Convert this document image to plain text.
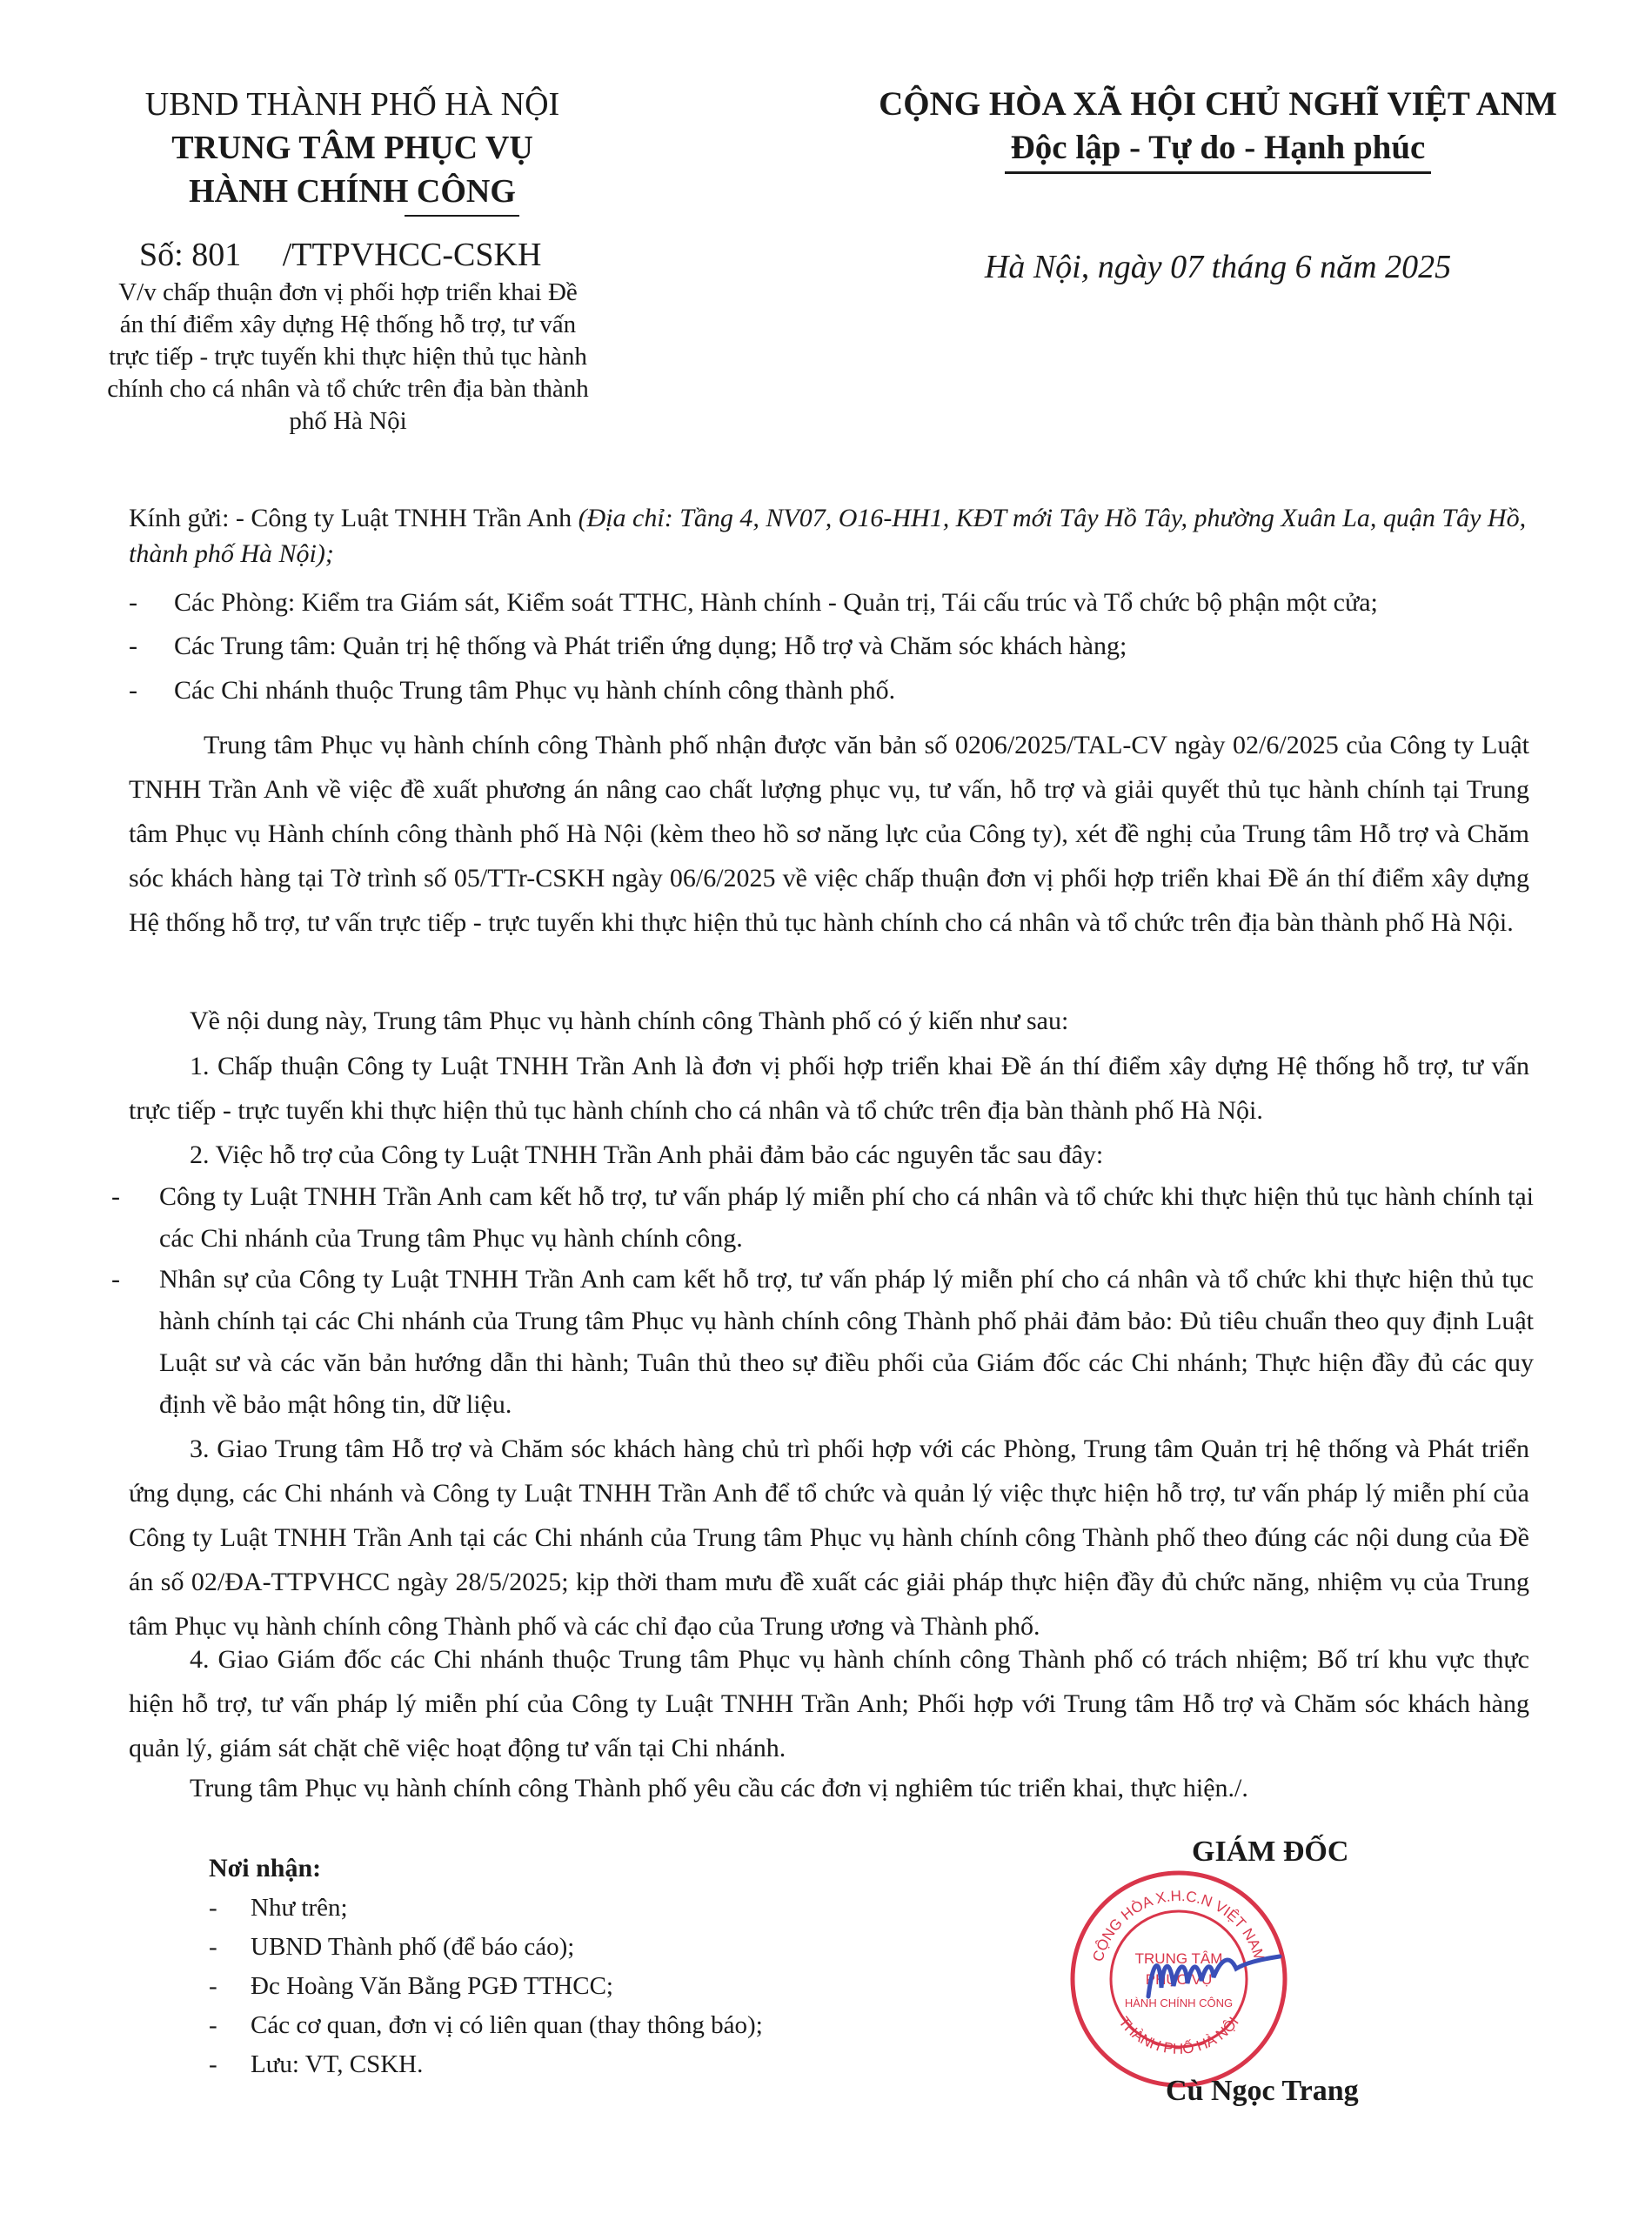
UBND THÀNH PHỐ HÀ NỘI
TRUNG TÂM PHỤC VỤ
HÀNH CHÍNH CÔNG
Số: 801     /TTPVHCC-CSKH
V/v chấp thuận đơn vị phối hợp triển khai Đề án thí điểm xây dựng Hệ thống hỗ trợ, tư vấn trực tiếp - trực tuyến khi thực hiện thủ tục hành chính cho cá nhân và tổ chức trên địa bàn thành phố Hà Nội
CỘNG HÒA XÃ HỘI CHỦ NGHĨ VIỆT ANM
Độc lập - Tự do - Hạnh phúc
Hà Nội, ngày 07 tháng 6 năm 2025
Kính gửi: - Công ty Luật TNHH Trần Anh (Địa chỉ: Tầng 4, NV07, O16-HH1, KĐT mới Tây Hồ Tây, phường Xuân La, quận Tây Hồ, thành phố Hà Nội);
- Các Phòng: Kiểm tra Giám sát, Kiểm soát TTHC, Hành chính - Quản trị, Tái cấu trúc và Tổ chức bộ phận một cửa;
- Các Trung tâm: Quản trị hệ thống và Phát triển ứng dụng; Hỗ trợ và Chăm sóc khách hàng;
- Các Chi nhánh thuộc Trung tâm Phục vụ hành chính công thành phố.
Trung tâm Phục vụ hành chính công Thành phố nhận được văn bản số 0206/2025/TAL-CV ngày 02/6/2025 của Công ty Luật TNHH Trần Anh về việc đề xuất phương án nâng cao chất lượng phục vụ, tư vấn, hỗ trợ và giải quyết thủ tục hành chính tại Trung tâm Phục vụ Hành chính công thành phố Hà Nội (kèm theo hồ sơ năng lực của Công ty), xét đề nghị của Trung tâm Hỗ trợ và Chăm sóc khách hàng tại Tờ trình số 05/TTr-CSKH ngày 06/6/2025 về việc chấp thuận đơn vị phối hợp triển khai Đề án thí điểm xây dựng Hệ thống hỗ trợ, tư vấn trực tiếp - trực tuyến khi thực hiện thủ tục hành chính cho cá nhân và tổ chức trên địa bàn thành phố Hà Nội.
Về nội dung này, Trung tâm Phục vụ hành chính công Thành phố có ý kiến như sau:
1. Chấp thuận Công ty Luật TNHH Trần Anh là đơn vị phối hợp triển khai Đề án thí điểm xây dựng Hệ thống hỗ trợ, tư vấn trực tiếp - trực tuyến khi thực hiện thủ tục hành chính cho cá nhân và tổ chức trên địa bàn thành phố Hà Nội.
2. Việc hỗ trợ của Công ty Luật TNHH Trần Anh phải đảm bảo các nguyên tắc sau đây:
- Công ty Luật TNHH Trần Anh cam kết hỗ trợ, tư vấn pháp lý miễn phí cho cá nhân và tổ chức khi thực hiện thủ tục hành chính tại các Chi nhánh của Trung tâm Phục vụ hành chính công.
- Nhân sự của Công ty Luật TNHH Trần Anh cam kết hỗ trợ, tư vấn pháp lý miễn phí cho cá nhân và tổ chức khi thực hiện thủ tục hành chính tại các Chi nhánh của Trung tâm Phục vụ hành chính công Thành phố phải đảm bảo: Đủ tiêu chuẩn theo quy định Luật Luật sư và các văn bản hướng dẫn thi hành; Tuân thủ theo sự điều phối của Giám đốc các Chi nhánh; Thực hiện đầy đủ các quy định về bảo mật hông tin, dữ liệu.
3. Giao Trung tâm Hỗ trợ và Chăm sóc khách hàng chủ trì phối hợp với các Phòng, Trung tâm Quản trị hệ thống và Phát triển ứng dụng, các Chi nhánh và Công ty Luật TNHH Trần Anh để tổ chức và quản lý việc thực hiện hỗ trợ, tư vấn pháp lý miễn phí của Công ty Luật TNHH Trần Anh tại các Chi nhánh của Trung tâm Phục vụ hành chính công Thành phố theo đúng các nội dung của Đề án số 02/ĐA-TTPVHCC ngày 28/5/2025; kịp thời tham mưu đề xuất các giải pháp thực hiện đầy đủ chức năng, nhiệm vụ của Trung tâm Phục vụ hành chính công Thành phố và các chỉ đạo của Trung ương và Thành phố.
4. Giao Giám đốc các Chi nhánh thuộc Trung tâm Phục vụ hành chính công Thành phố có trách nhiệm; Bố trí khu vực thực hiện hỗ trợ, tư vấn pháp lý miễn phí của Công ty Luật TNHH Trần Anh; Phối hợp với Trung tâm Hỗ trợ và Chăm sóc khách hàng quản lý, giám sát chặt chẽ việc hoạt động tư vấn tại Chi nhánh.
Trung tâm Phục vụ hành chính công Thành phố yêu cầu các đơn vị nghiêm túc triển khai, thực hiện./.
Nơi nhận:
- Như trên;
- UBND Thành phố (để báo cáo);
- Đc Hoàng Văn Bằng PGĐ TTHCC;
- Các cơ quan, đơn vị có liên quan (thay thông báo);
- Lưu: VT, CSKH.
GIÁM ĐỐC
CỘNG HÒA X.H.C.N VIỆT NAM
THÀNH PHỐ HÀ NỘI
TRUNG TÂM
PHỤC VỤ
HÀNH CHÍNH CÔNG
Cù Ngọc Trang
